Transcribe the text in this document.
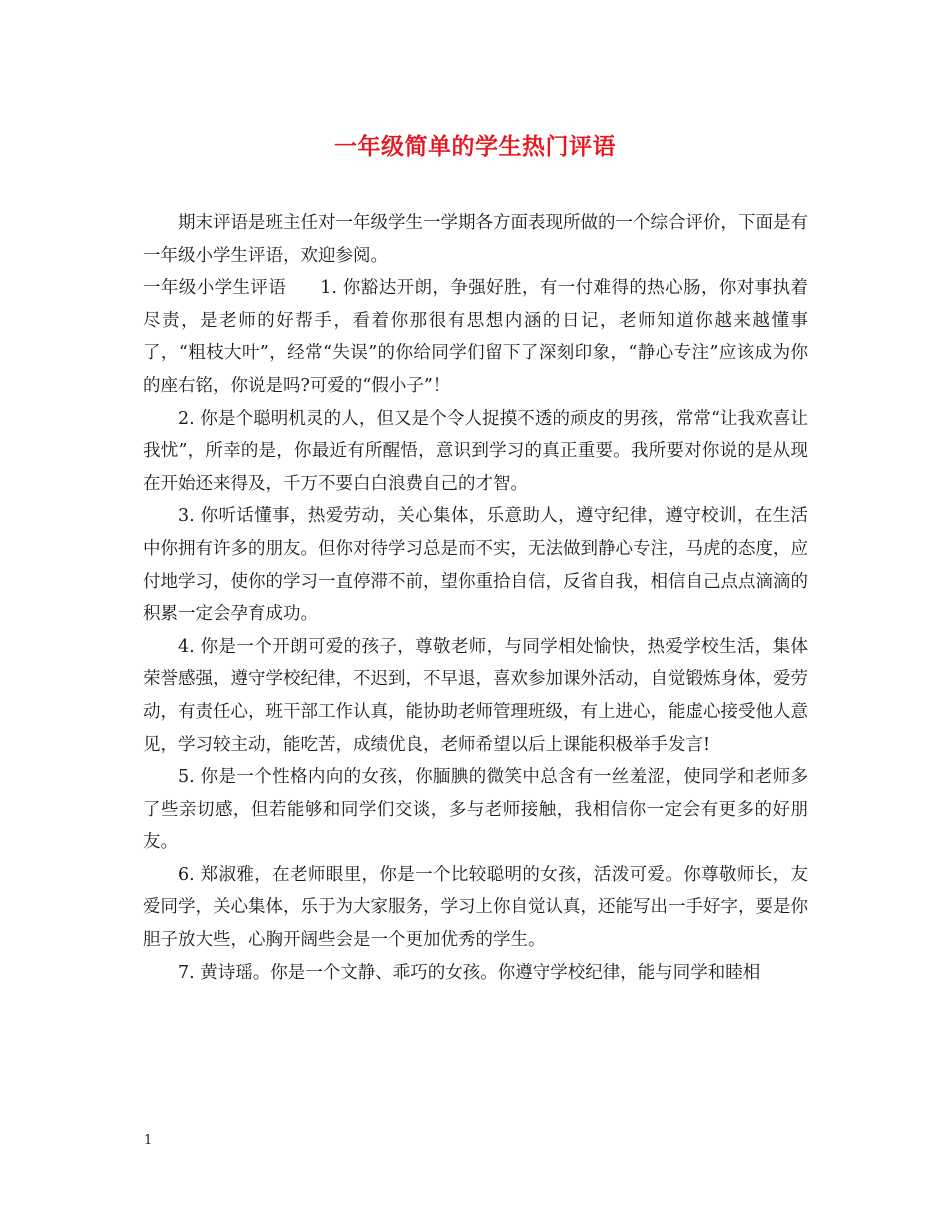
一年级简单的学生热门评语

期末评语是班主任对一年级学生一学期各方面表现所做的一个综合评价，下面是有一年级小学生评语，欢迎参阅。

一年级小学生评语 1. 你豁达开朗，争强好胜，有一付难得的热心肠，你对事执着尽责，是老师的好帮手，看着你那很有思想内涵的日记，老师知道你越来越懂事了，“粗枝大叶”，经常“失误”的你给同学们留下了深刻印象，“静心专注”应该成为你的座右铭，你说是吗?可爱的“假小子”！

2. 你是个聪明机灵的人，但又是个令人捉摸不透的顽皮的男孩，常常“让我欢喜让我忧”，所幸的是，你最近有所醒悟，意识到学习的真正重要。我所要对你说的是从现在开始还来得及，千万不要白白浪费自己的才智。

3. 你听话懂事，热爱劳动，关心集体，乐意助人，遵守纪律，遵守校训，在生活中你拥有许多的朋友。但你对待学习总是而不实，无法做到静心专注，马虎的态度，应付地学习，使你的学习一直停滞不前，望你重拾自信，反省自我，相信自己点点滴滴的积累一定会孕育成功。

4. 你是一个开朗可爱的孩子，尊敬老师，与同学相处愉快，热爱学校生活，集体荣誉感强，遵守学校纪律，不迟到，不早退，喜欢参加课外活动，自觉锻炼身体，爱劳动，有责任心，班干部工作认真，能协助老师管理班级，有上进心，能虚心接受他人意见，学习较主动，能吃苦，成绩优良，老师希望以后上课能积极举手发言!

5. 你是一个性格内向的女孩，你腼腆的微笑中总含有一丝羞涩，使同学和老师多了些亲切感，但若能够和同学们交谈，多与老师接触，我相信你一定会有更多的好朋友。

6. 郑淑雅，在老师眼里，你是一个比较聪明的女孩，活泼可爱。你尊敬师长，友爱同学，关心集体，乐于为大家服务，学习上你自觉认真，还能写出一手好字，要是你胆子放大些，心胸开阔些会是一个更加优秀的学生。

7. 黄诗瑶。你是一个文静、乖巧的女孩。你遵守学校纪律，能与同学和睦相

1
